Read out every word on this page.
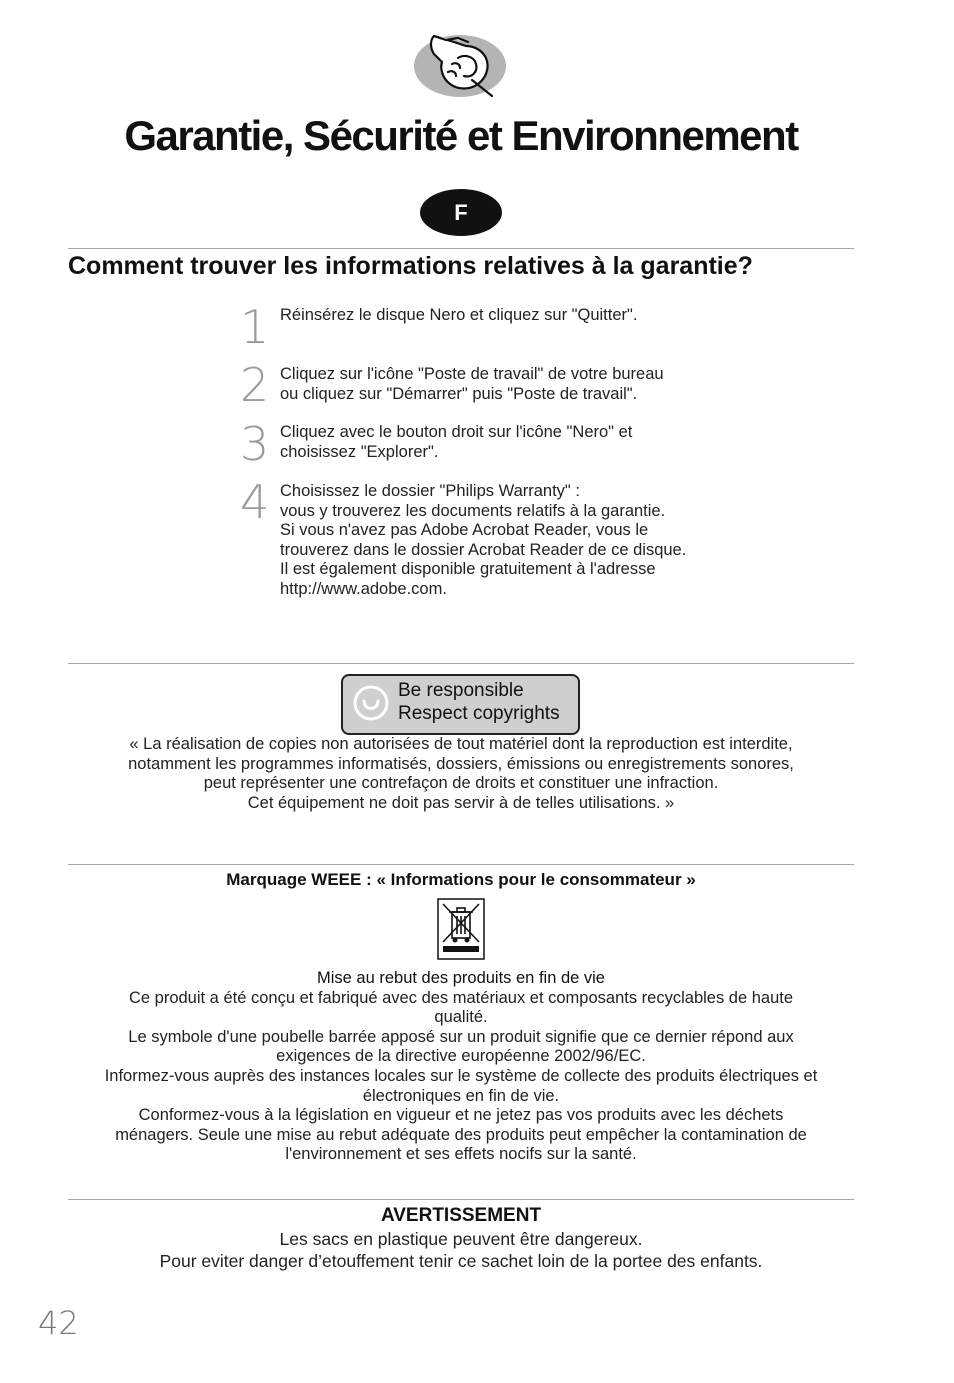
Garantie, Sécurité et Environnement
F
Comment trouver les informations relatives à la garantie?
1 Réinsérez le disque Nero et cliquez sur "Quitter".
2 Cliquez sur l'icône "Poste de travail" de votre bureau
ou cliquez sur "Démarrer" puis "Poste de travail".
3 Cliquez avec le bouton droit sur l'icône "Nero" et
choisissez "Explorer".
4 Choisissez le dossier "Philips Warranty" :
vous y trouverez les documents relatifs à la garantie.
Si vous n'avez pas Adobe Acrobat Reader, vous le
trouverez dans le dossier Acrobat Reader de ce disque.
Il est également disponible gratuitement à l'adresse
http://www.adobe.com.
Be responsible
Respect copyrights
« La réalisation de copies non autorisées de tout matériel dont la reproduction est interdite,
notamment les programmes informatisés, dossiers, émissions ou enregistrements sonores,
peut représenter une contrefaçon de droits et constituer une infraction.
Cet équipement ne doit pas servir à de telles utilisations. »
Marquage WEEE : « Informations pour le consommateur »
Mise au rebut des produits en fin de vie
Ce produit a été conçu et fabriqué avec des matériaux et composants recyclables de haute
qualité.
Le symbole d'une poubelle barrée apposé sur un produit signifie que ce dernier répond aux
exigences de la directive européenne 2002/96/EC.
Informez-vous auprès des instances locales sur le système de collecte des produits électriques et
électroniques en fin de vie.
Conformez-vous à la législation en vigueur et ne jetez pas vos produits avec les déchets
ménagers. Seule une mise au rebut adéquate des produits peut empêcher la contamination de
l'environnement et ses effets nocifs sur la santé.
AVERTISSEMENT
Les sacs en plastique peuvent être dangereux.
Pour eviter danger d’etouffement tenir ce sachet loin de la portee des enfants.
42
